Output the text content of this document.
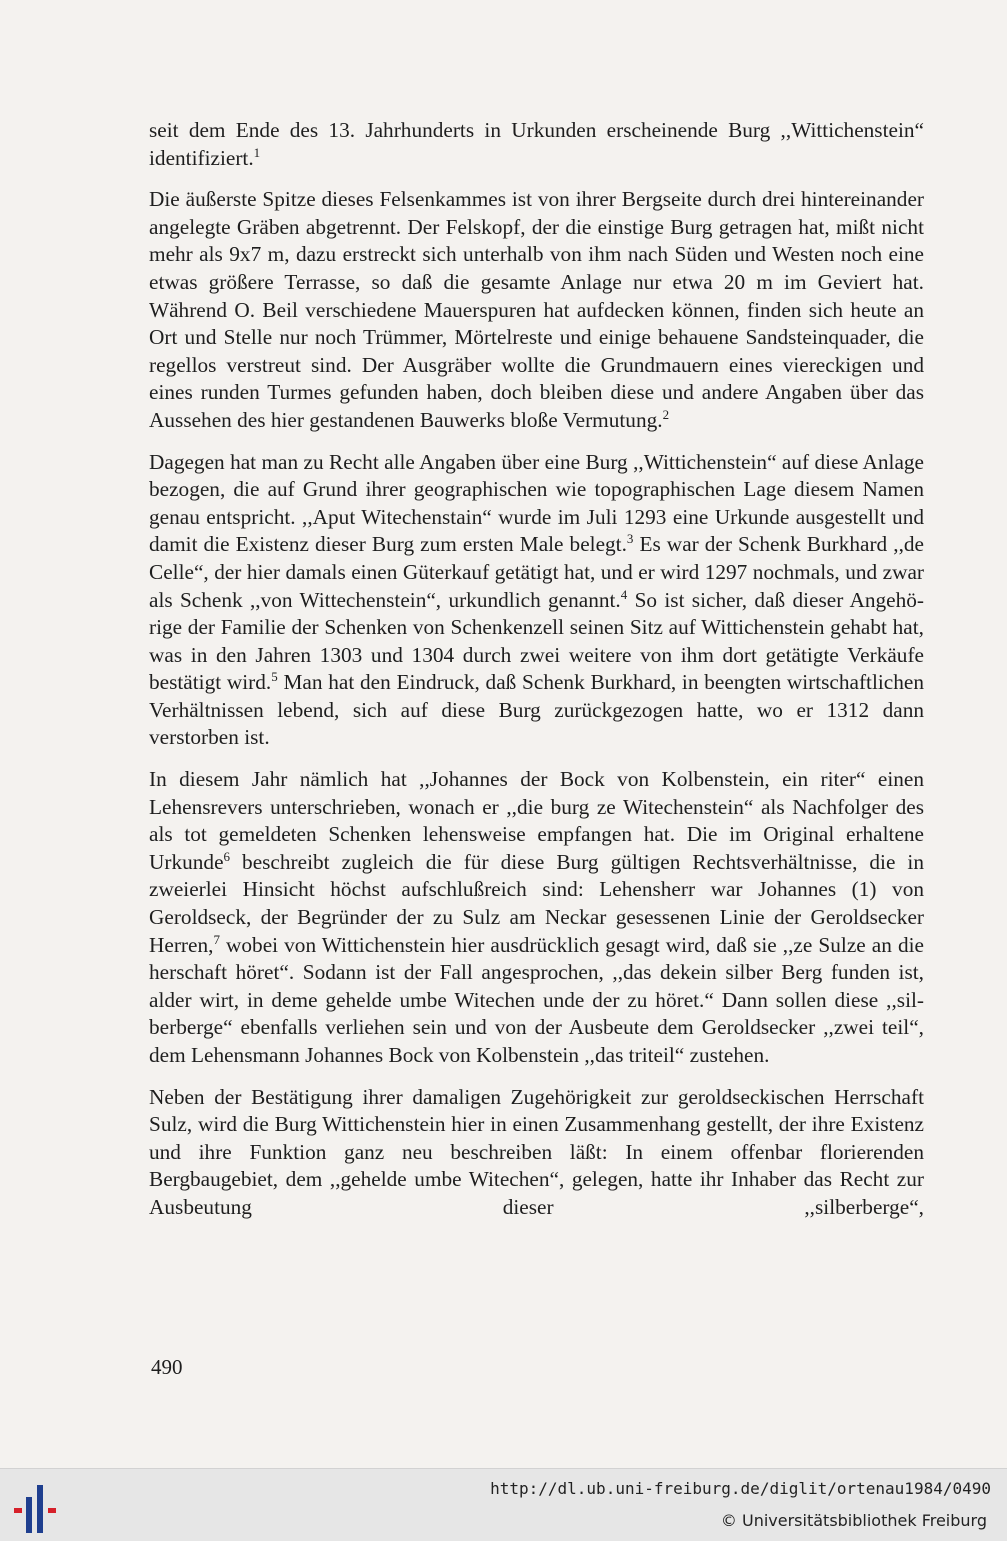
seit dem Ende des 13. Jahrhunderts in Urkunden erscheinende Burg ,,Wittichenstein“ identifiziert.$^1$

Die äußerste Spitze dieses Felsenkammes ist von ihrer Bergseite durch drei hintereinander angelegte Gräben abgetrennt. Der Felskopf, der die einstige Burg getragen hat, mißt nicht mehr als 9x7 m, dazu erstreckt sich unterhalb von ihm nach Süden und Westen noch eine etwas größere Terrasse, so daß die gesamte Anlage nur etwa 20 m im Geviert hat. Während O. Beil verschiedene Mauerspuren hat aufdecken können, finden sich heute an Ort und Stelle nur noch Trümmer, Mörtelreste und einige behauene Sandsteinquader, die regellos verstreut sind. Der Ausgräber wollte die Grundmauern eines viereckigen und eines runden Turmes gefunden haben, doch bleiben diese und andere Angaben über das Aussehen des hier gestandenen Bauwerks bloße Vermutung.$^2$

Dagegen hat man zu Recht alle Angaben über eine Burg ,,Wittichenstein“ auf diese Anlage bezogen, die auf Grund ihrer geographischen wie topographischen Lage diesem Namen genau entspricht. ,,Aput Witechenstain“ wurde im Juli 1293 eine Urkunde ausgestellt und damit die Existenz dieser Burg zum ersten Male belegt.$^3$ Es war der Schenk Burkhard ,,de Celle“, der hier damals einen Güterkauf getätigt hat, und er wird 1297 nochmals, und zwar als Schenk ,,von Wittechenstein“, urkundlich genannt.$^4$ So ist sicher, daß dieser Angehörige der Familie der Schenken von Schenkenzell seinen Sitz auf Wittichenstein gehabt hat, was in den Jahren 1303 und 1304 durch zwei weitere von ihm dort getätigte Verkäufe bestätigt wird.$^5$ Man hat den Eindruck, daß Schenk Burkhard, in beengten wirtschaftlichen Verhältnissen lebend, sich auf diese Burg zurückgezogen hatte, wo er 1312 dann verstorben ist.

In diesem Jahr nämlich hat ,,Johannes der Bock von Kolbenstein, ein riter“ einen Lehensrevers unterschrieben, wonach er ,,die burg ze Witechenstein“ als Nachfolger des als tot gemeldeten Schenken lehensweise empfangen hat. Die im Original erhaltene Urkunde$^6$ beschreibt zugleich die für diese Burg gültigen Rechtsverhältnisse, die in zweierlei Hinsicht höchst aufschlußreich sind: Lehensherr war Johannes (1) von Geroldseck, der Begründer der zu Sulz am Neckar gesessenen Linie der Geroldsecker Herren,$^7$ wobei von Wittichenstein hier ausdrücklich gesagt wird, daß sie ,,ze Sulze an die herschaft höret“. Sodann ist der Fall angesprochen, ,,das dekein silber Berg funden ist, alder wirt, in deme gehelde umbe Witechen unde der zu höret.“ Dann sollen diese ,,silberberge“ ebenfalls verliehen sein und von der Ausbeute dem Geroldsecker ,,zwei teil“, dem Lehensmann Johannes Bock von Kolbenstein ,,das triteil“ zustehen.

Neben der Bestätigung ihrer damaligen Zugehörigkeit zur geroldseckischen Herrschaft Sulz, wird die Burg Wittichenstein hier in einen Zusammenhang gestellt, der ihre Existenz und ihre Funktion ganz neu beschreiben läßt: In einem offenbar florierenden Bergbaugebiet, dem ,,gehelde umbe Witechen“, gelegen, hatte ihr Inhaber das Recht zur Ausbeutung dieser ,,silberberge“,

490
http://dl.ub.uni-freiburg.de/diglit/ortenau1984/0490
© Universitätsbibliothek Freiburg
